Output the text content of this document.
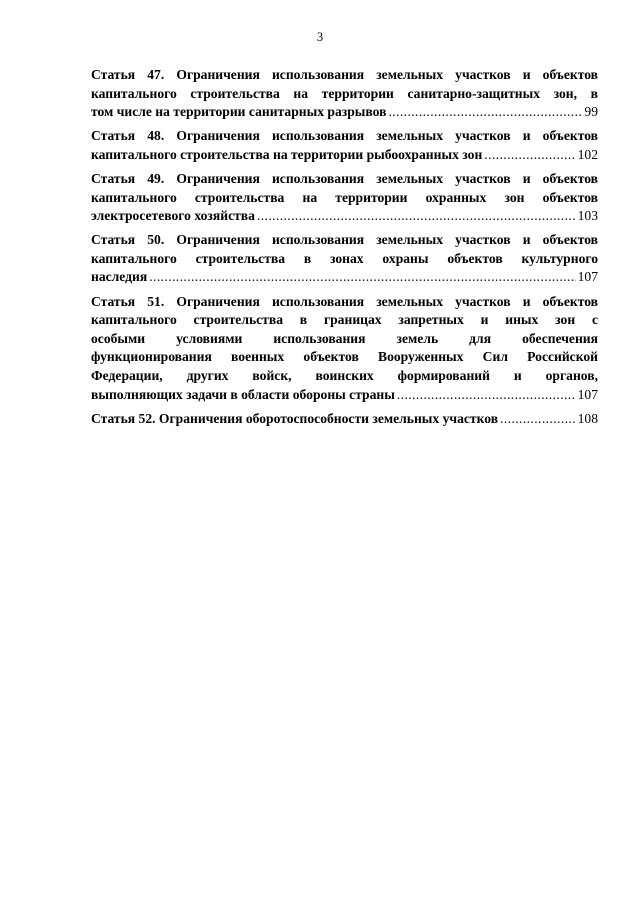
3
Статья 47. Ограничения использования земельных участков и объектов
капитального строительства на территории санитарно-защитных зон, в
том числе на территории санитарных разрывов .....	99
Статья 48. Ограничения использования земельных участков и объектов
капитального строительства на территории рыбоохранных зон .....	102
Статья 49. Ограничения использования земельных участков и объектов
капитального строительства на территории охранных зон объектов
электросетевого хозяйства .....	103
Статья 50. Ограничения использования земельных участков и объектов
капитального строительства в зонах охраны объектов культурного
наследия .....	107
Статья 51. Ограничения использования земельных участков и объектов
капитального строительства в границах запретных и иных зон с
особыми условиями использования земель для обеспечения
функционирования военных объектов Вооруженных Сил Российской
Федерации, других войск, воинских формирований и органов,
выполняющих задачи в области обороны страны .....	107
Статья 52. Ограничения оборотоспособности земельных участков .....	108
